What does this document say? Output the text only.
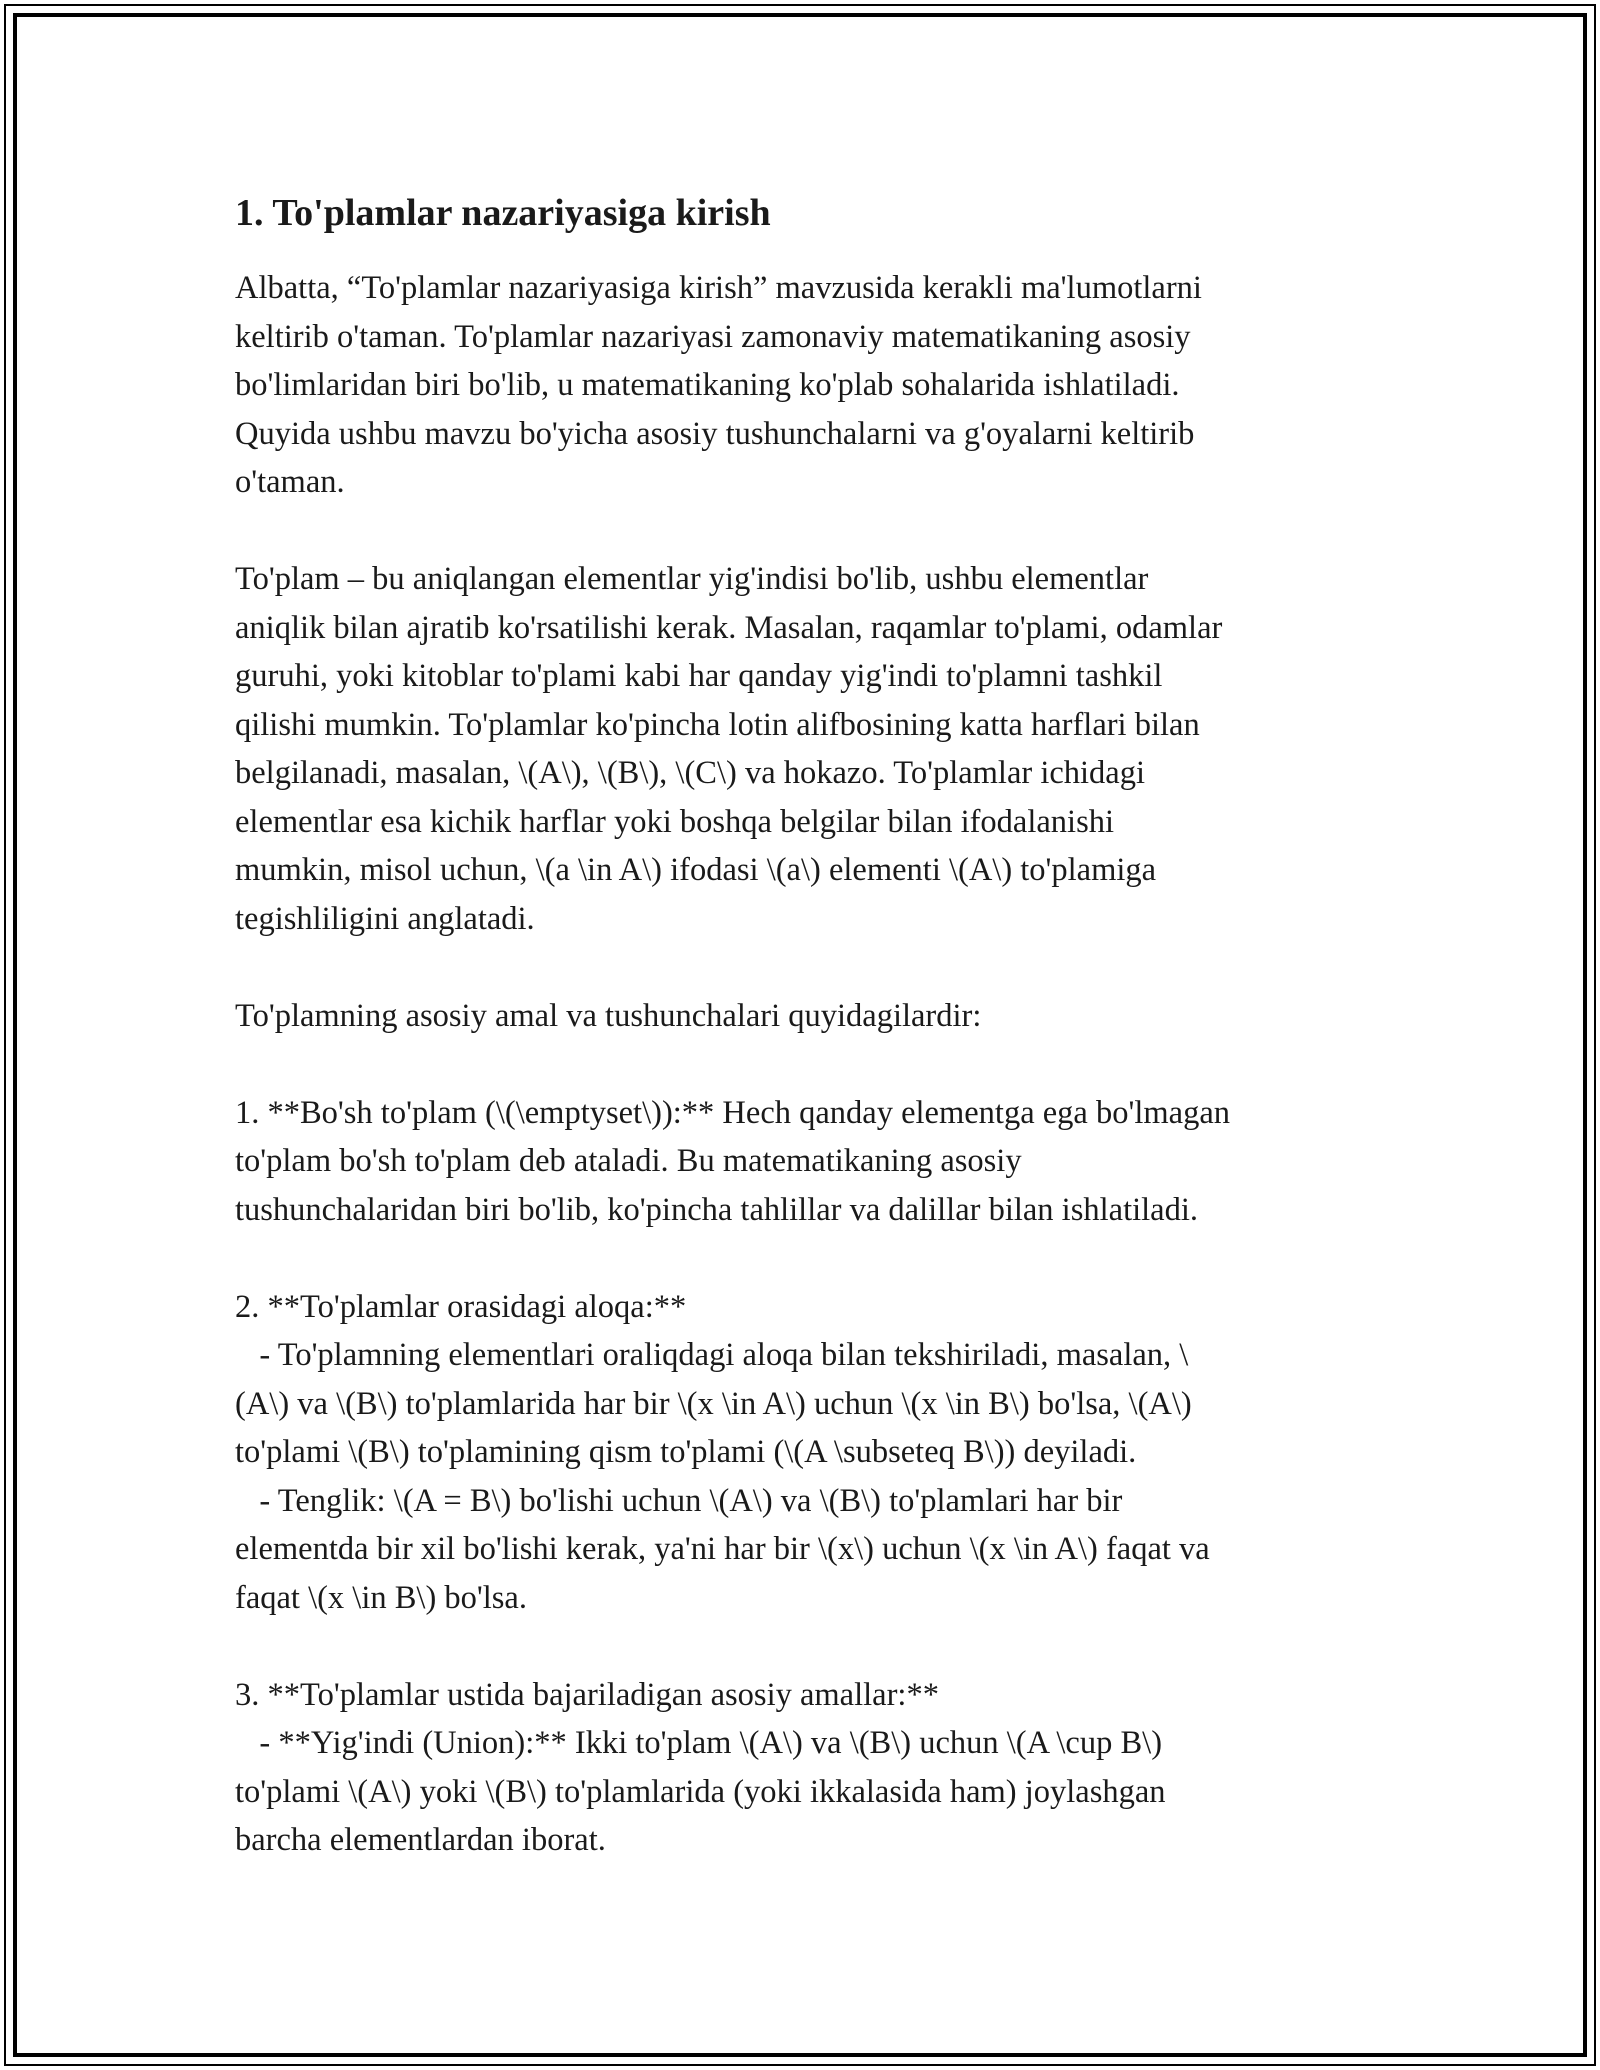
1. To'plamlar nazariyasiga kirish

Albatta, “To'plamlar nazariyasiga kirish” mavzusida kerakli ma'lumotlarni
keltirib o'taman. To'plamlar nazariyasi zamonaviy matematikaning asosiy
bo'limlaridan biri bo'lib, u matematikaning ko'plab sohalarida ishlatiladi.
Quyida ushbu mavzu bo'yicha asosiy tushunchalarni va g'oyalarni keltirib
o'taman.

To'plam – bu aniqlangan elementlar yig'indisi bo'lib, ushbu elementlar
aniqlik bilan ajratib ko'rsatilishi kerak. Masalan, raqamlar to'plami, odamlar
guruhi, yoki kitoblar to'plami kabi har qanday yig'indi to'plamni tashkil
qilishi mumkin. To'plamlar ko'pincha lotin alifbosining katta harflari bilan
belgilanadi, masalan, \(A\), \(B\), \(C\) va hokazo. To'plamlar ichidagi
elementlar esa kichik harflar yoki boshqa belgilar bilan ifodalanishi
mumkin, misol uchun, \(a \in A\) ifodasi \(a\) elementi \(A\) to'plamiga
tegishliligini anglatadi.

To'plamning asosiy amal va tushunchalari quyidagilardir:

1. **Bo'sh to'plam (\(\emptyset\)):** Hech qanday elementga ega bo'lmagan
to'plam bo'sh to'plam deb ataladi. Bu matematikaning asosiy
tushunchalaridan biri bo'lib, ko'pincha tahlillar va dalillar bilan ishlatiladi.

2. **To'plamlar orasidagi aloqa:**
- To'plamning elementlari oraliqdagi aloqa bilan tekshiriladi, masalan, \
(A\) va \(B\) to'plamlarida har bir \(x \in A\) uchun \(x \in B\) bo'lsa, \(A\)
to'plami \(B\) to'plamining qism to'plami (\(A \subseteq B\)) deyiladi.
- Tenglik: \(A = B\) bo'lishi uchun \(A\) va \(B\) to'plamlari har bir
elementda bir xil bo'lishi kerak, ya'ni har bir \(x\) uchun \(x \in A\) faqat va
faqat \(x \in B\) bo'lsa.

3. **To'plamlar ustida bajariladigan asosiy amallar:**
- **Yig'indi (Union):** Ikki to'plam \(A\) va \(B\) uchun \(A \cup B\)
to'plami \(A\) yoki \(B\) to'plamlarida (yoki ikkalasida ham) joylashgan
barcha elementlardan iborat.
